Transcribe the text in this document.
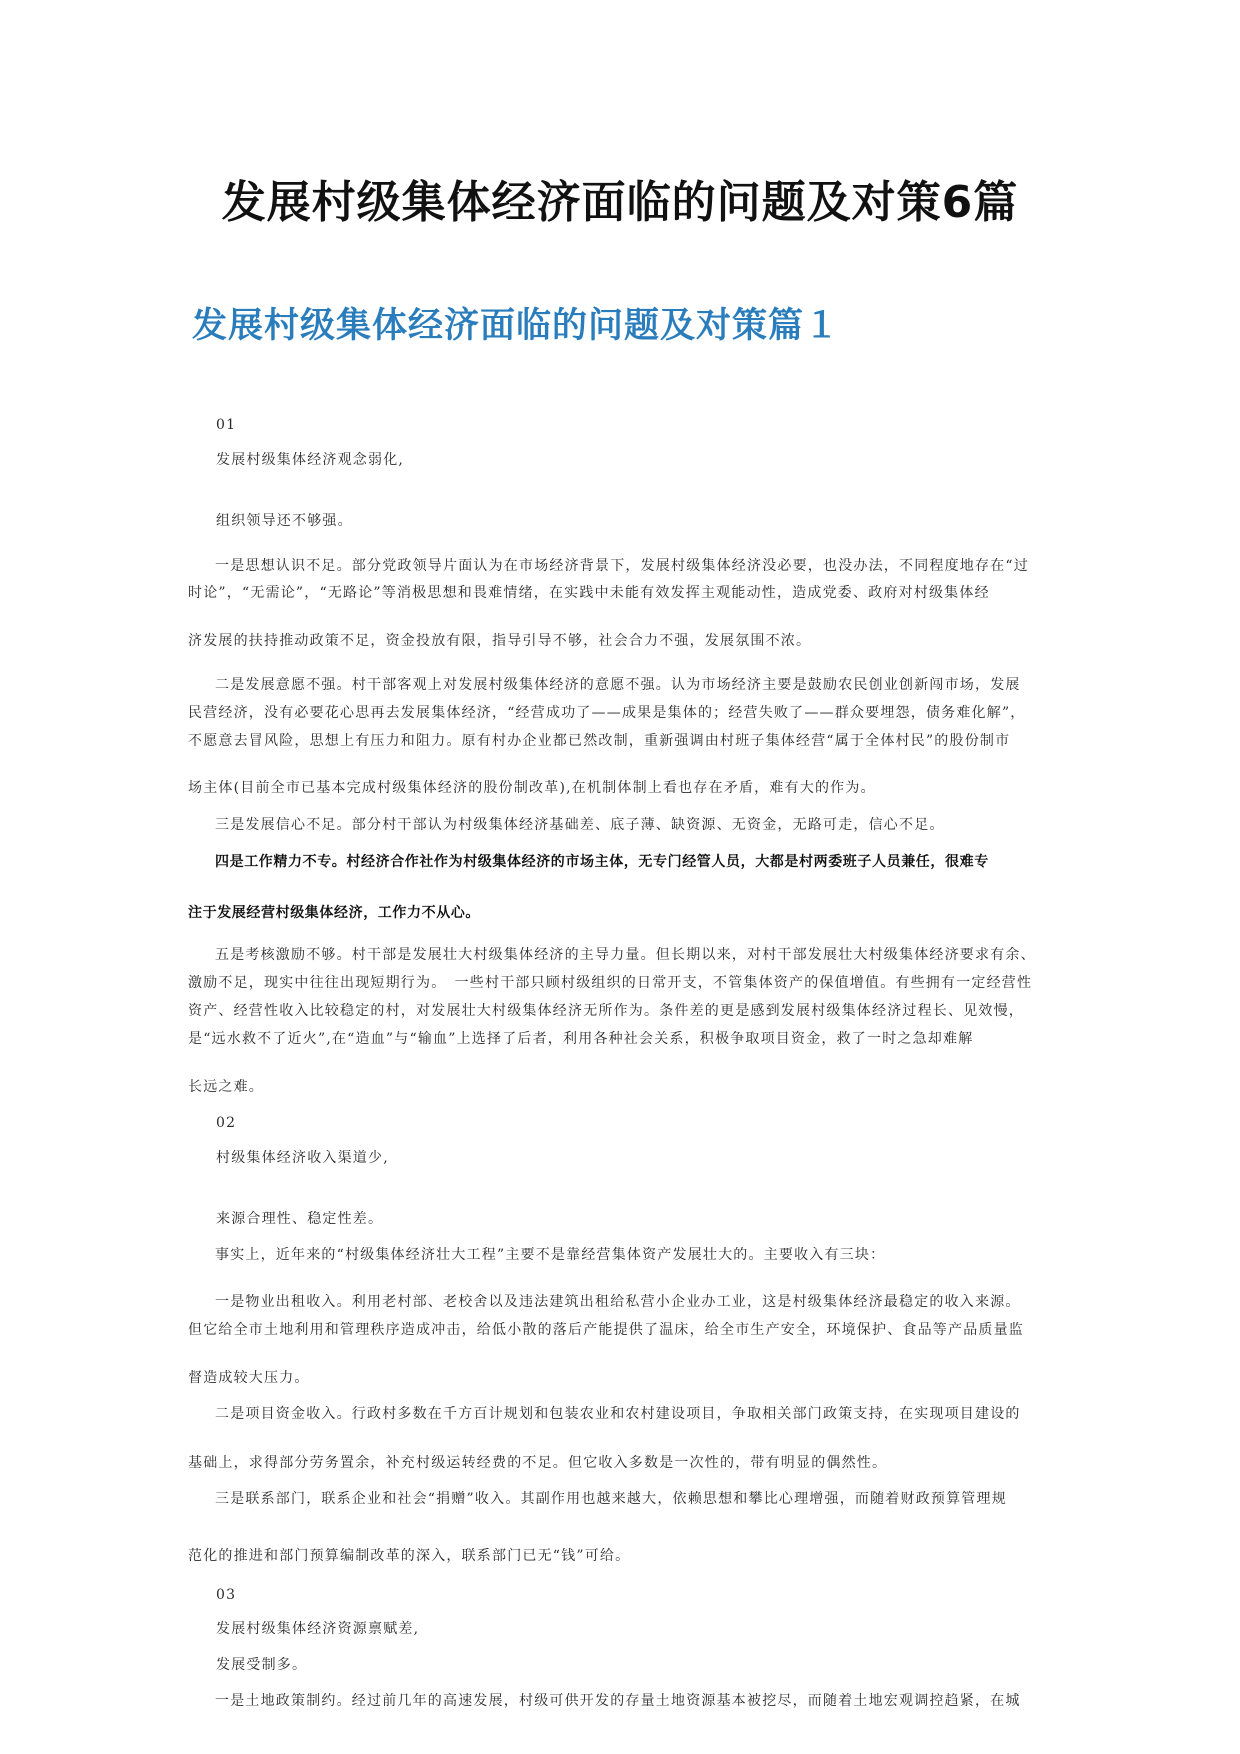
发展村级集体经济面临的问题及对策6篇
发展村级集体经济面临的问题及对策篇１
01
发展村级集体经济观念弱化,
组织领导还不够强。
一是思想认识不足。部分党政领导片面认为在市场经济背景下，发展村级集体经济没必要，也没办法，不同程度地存在“过
时论”，“无需论”，“无路论”等消极思想和畏难情绪，在实践中未能有效发挥主观能动性，造成党委、政府对村级集体经
济发展的扶持推动政策不足，资金投放有限，指导引导不够，社会合力不强，发展氛围不浓。
二是发展意愿不强。村干部客观上对发展村级集体经济的意愿不强。认为市场经济主要是鼓励农民创业创新闯市场，发展
民营经济，没有必要花心思再去发展集体经济，“经营成功了——成果是集体的；经营失败了——群众要埋怨，债务难化解”，
不愿意去冒风险，思想上有压力和阻力。原有村办企业都已然改制，重新强调由村班子集体经营“属于全体村民”的股份制市
场主体(目前全市已基本完成村级集体经济的股份制改革),在机制体制上看也存在矛盾，难有大的作为。
三是发展信心不足。部分村干部认为村级集体经济基础差、底子薄、缺资源、无资金，无路可走，信心不足。
四是工作精力不专。村经济合作社作为村级集体经济的市场主体，无专门经管人员，大都是村两委班子人员兼任，很难专
注于发展经营村级集体经济，工作力不从心。
五是考核激励不够。村干部是发展壮大村级集体经济的主导力量。但长期以来，对村干部发展壮大村级集体经济要求有余、
激励不足，现实中往往出现短期行为。　一些村干部只顾村级组织的日常开支，不管集体资产的保值增值。有些拥有一定经营性
资产、经营性收入比较稳定的村，对发展壮大村级集体经济无所作为。条件差的更是感到发展村级集体经济过程长、见效慢，
是“远水救不了近火”,在“造血”与“输血”上选择了后者，利用各种社会关系，积极争取项目资金，救了一时之急却难解
长远之难。
02
村级集体经济收入渠道少,
来源合理性、稳定性差。
事实上，近年来的“村级集体经济壮大工程”主要不是靠经营集体资产发展壮大的。主要收入有三块：
一是物业出租收入。利用老村部、老校舍以及违法建筑出租给私营小企业办工业，这是村级集体经济最稳定的收入来源。
但它给全市土地利用和管理秩序造成冲击，给低小散的落后产能提供了温床，给全市生产安全，环境保护、食品等产品质量监
督造成较大压力。
二是项目资金收入。行政村多数在千方百计规划和包装农业和农村建设项目，争取相关部门政策支持，在实现项目建设的
基础上，求得部分劳务置余，补充村级运转经费的不足。但它收入多数是一次性的，带有明显的偶然性。
三是联系部门，联系企业和社会“捐赠”收入。其副作用也越来越大，依赖思想和攀比心理增强，而随着财政预算管理规
范化的推进和部门预算编制改革的深入，联系部门已无“钱”可给。
03
发展村级集体经济资源禀赋差,
发展受制多。
一是土地政策制约。经过前几年的高速发展，村级可供开发的存量土地资源基本被挖尽，而随着土地宏观调控趋紧，在城
